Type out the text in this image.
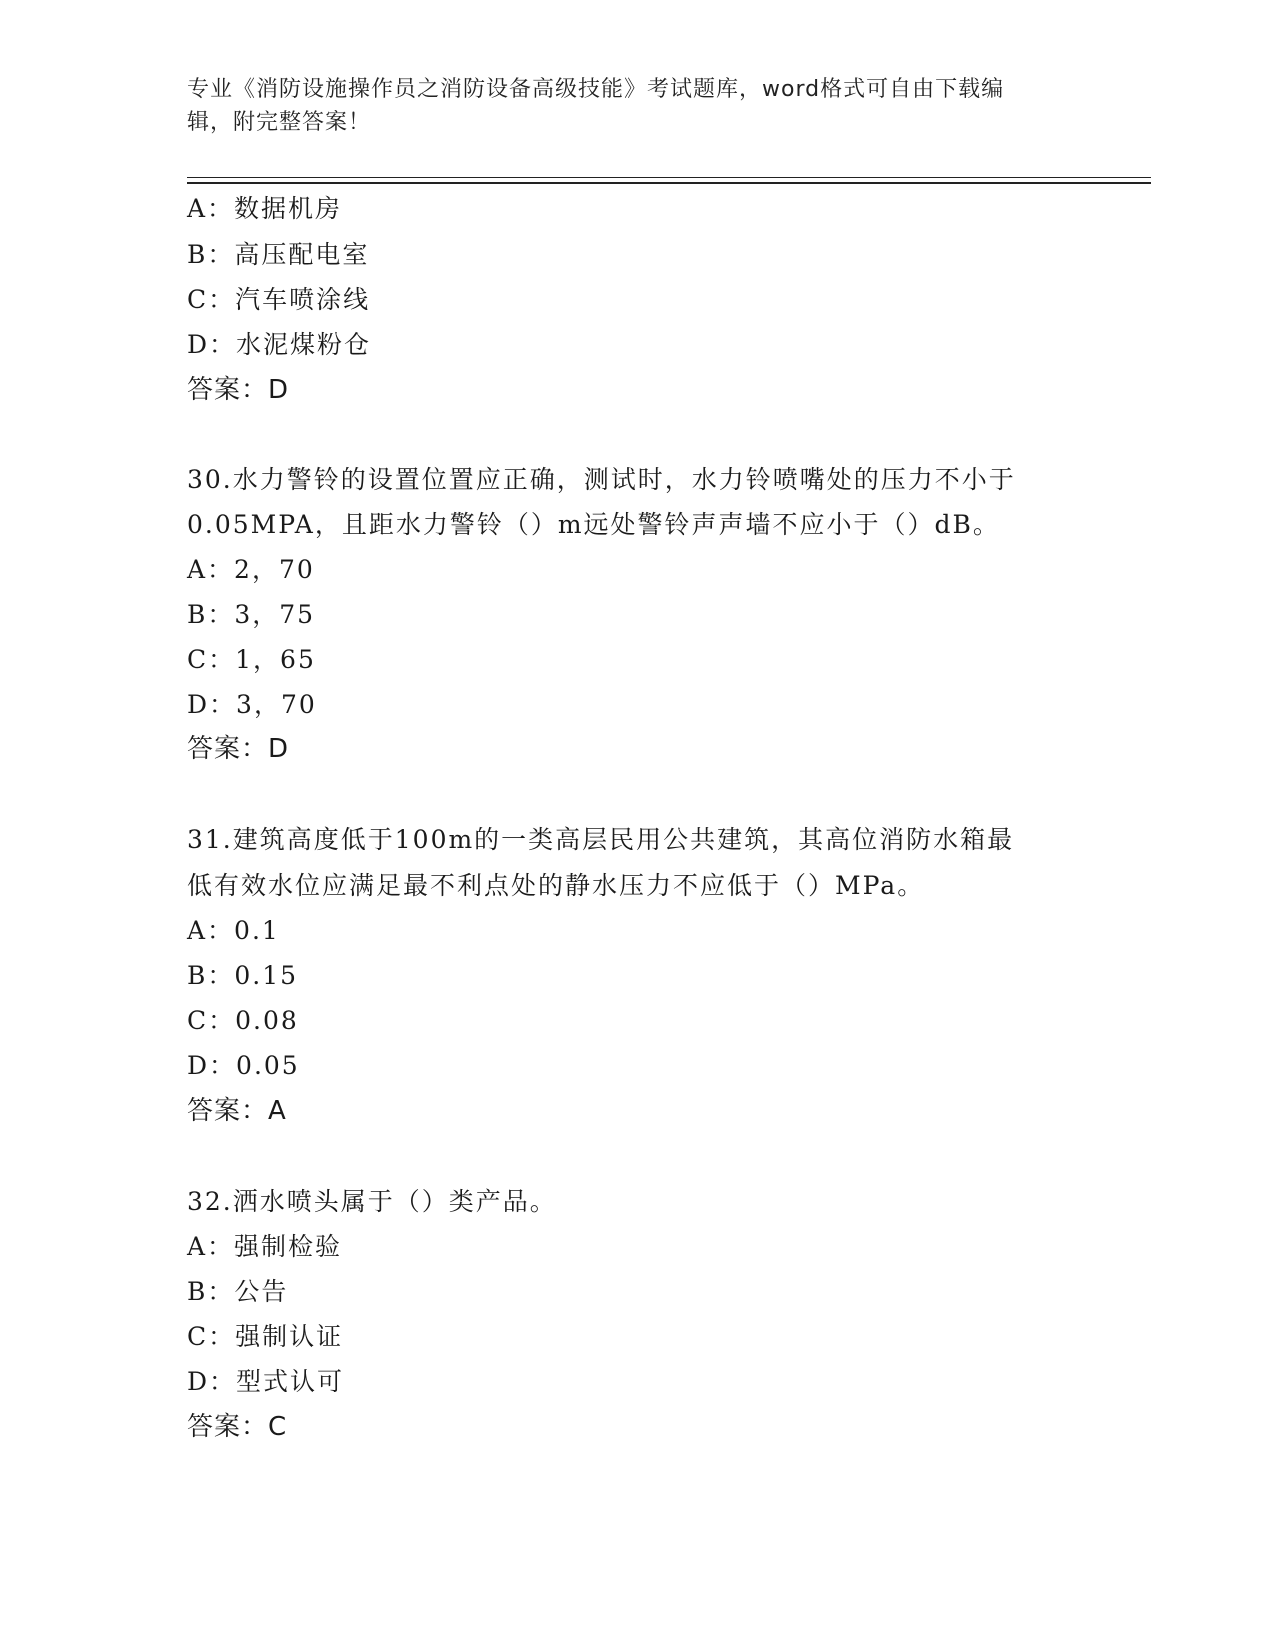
专业《消防设施操作员之消防设备高级技能》考试题库，word格式可自由下载编
辑，附完整答案！
A：数据机房
B：高压配电室
C：汽车喷涂线
D：水泥煤粉仓
答案：D
30.水力警铃的设置位置应正确，测试时，水力铃喷嘴处的压力不小于
0.05MPA，且距水力警铃（）m远处警铃声声墙不应小于（）dB。
A：2，70
B：3，75
C：1，65
D：3，70
答案：D
31.建筑高度低于100m的一类高层民用公共建筑，其高位消防水箱最
低有效水位应满足最不利点处的静水压力不应低于（）MPa。
A：0.1
B：0.15
C：0.08
D：0.05
答案：A
32.洒水喷头属于（）类产品。
A：强制检验
B：公告
C：强制认证
D：型式认可
答案：C
